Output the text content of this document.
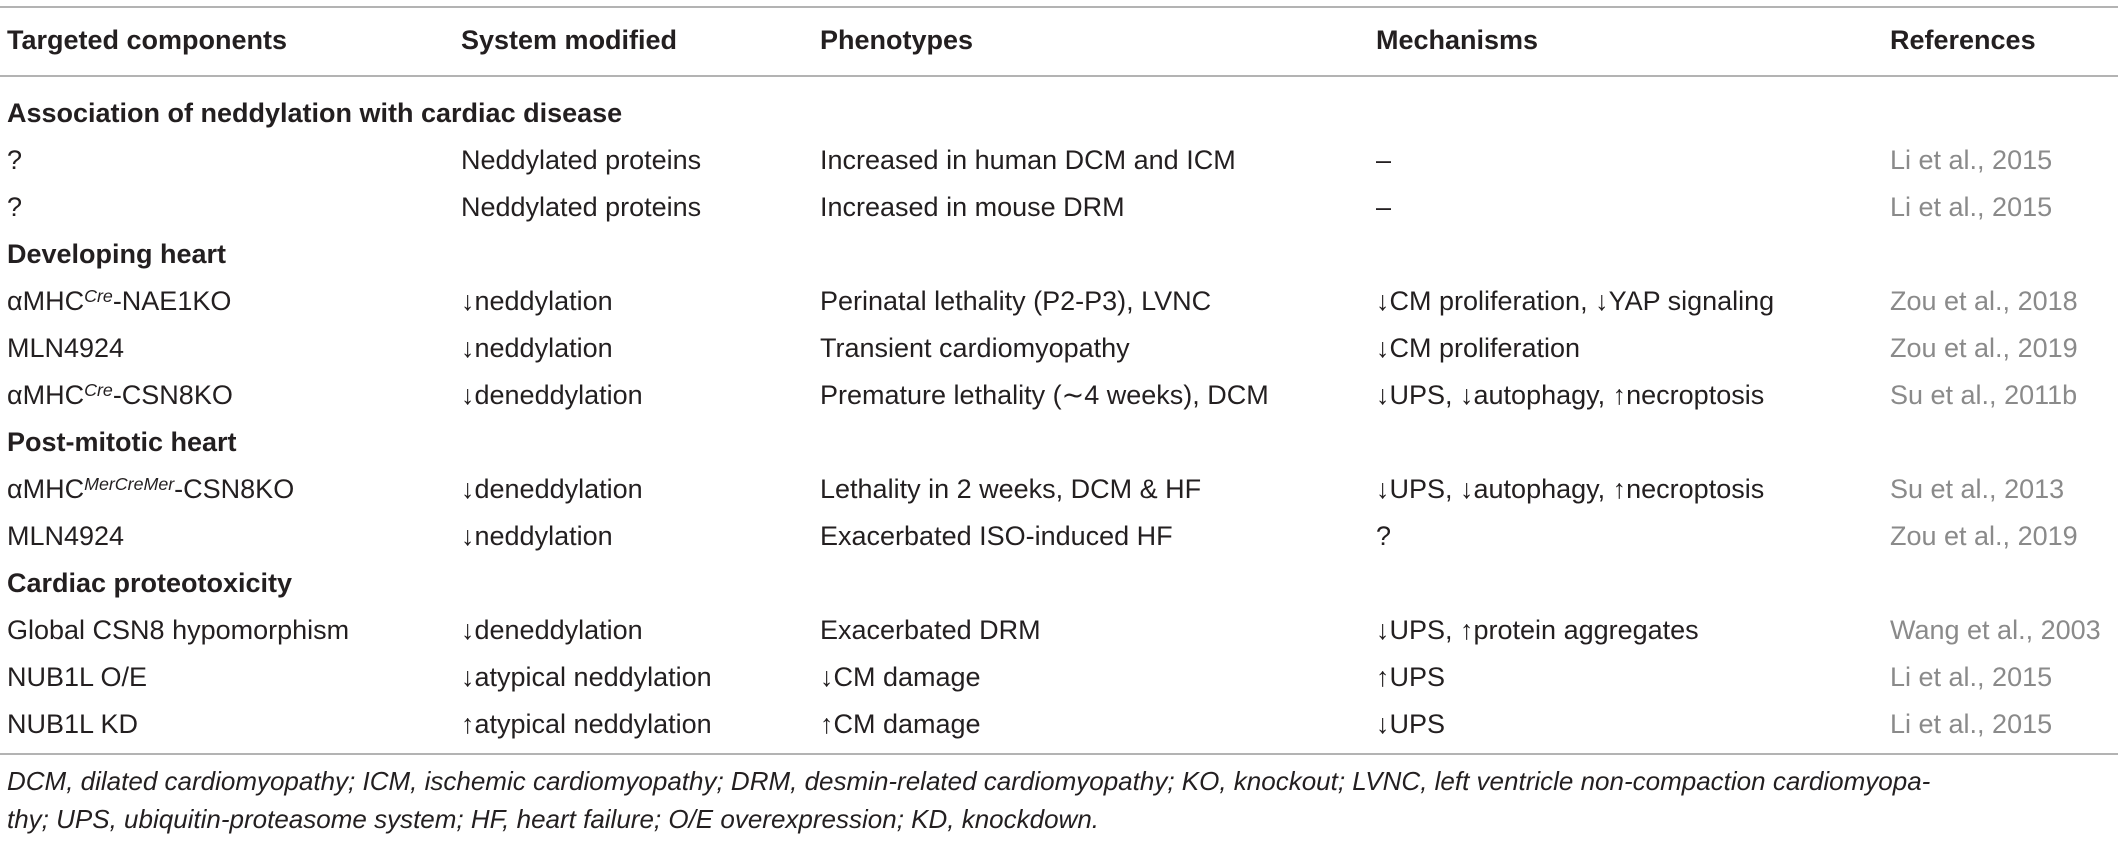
Targeted components	System modified	Phenotypes	Mechanisms	References
Association of neddylation with cardiac disease
?	Neddylated proteins	Increased in human DCM and ICM	–	Li et al., 2015
?	Neddylated proteins	Increased in mouse DRM	–	Li et al., 2015
Developing heart
αMHC$^{Cre}$-NAE1KO	↓neddylation	Perinatal lethality (P2-P3), LVNC	↓CM proliferation, ↓YAP signaling	Zou et al., 2018
MLN4924	↓neddylation	Transient cardiomyopathy	↓CM proliferation	Zou et al., 2019
αMHC$^{Cre}$-CSN8KO	↓deneddylation	Premature lethality (∼4 weeks), DCM	↓UPS, ↓autophagy, ↑necroptosis	Su et al., 2011b
Post-mitotic heart
αMHC$^{MerCreMer}$-CSN8KO	↓deneddylation	Lethality in 2 weeks, DCM & HF	↓UPS, ↓autophagy, ↑necroptosis	Su et al., 2013
MLN4924	↓neddylation	Exacerbated ISO-induced HF	?	Zou et al., 2019
Cardiac proteotoxicity
Global CSN8 hypomorphism	↓deneddylation	Exacerbated DRM	↓UPS, ↑protein aggregates	Wang et al., 2003
NUB1L O/E	↓atypical neddylation	↓CM damage	↑UPS	Li et al., 2015
NUB1L KD	↑atypical neddylation	↑CM damage	↓UPS	Li et al., 2015
DCM, dilated cardiomyopathy; ICM, ischemic cardiomyopathy; DRM, desmin-related cardiomyopathy; KO, knockout; LVNC, left ventricle non-compaction cardiomyopa-
thy; UPS, ubiquitin-proteasome system; HF, heart failure; O/E overexpression; KD, knockdown.
